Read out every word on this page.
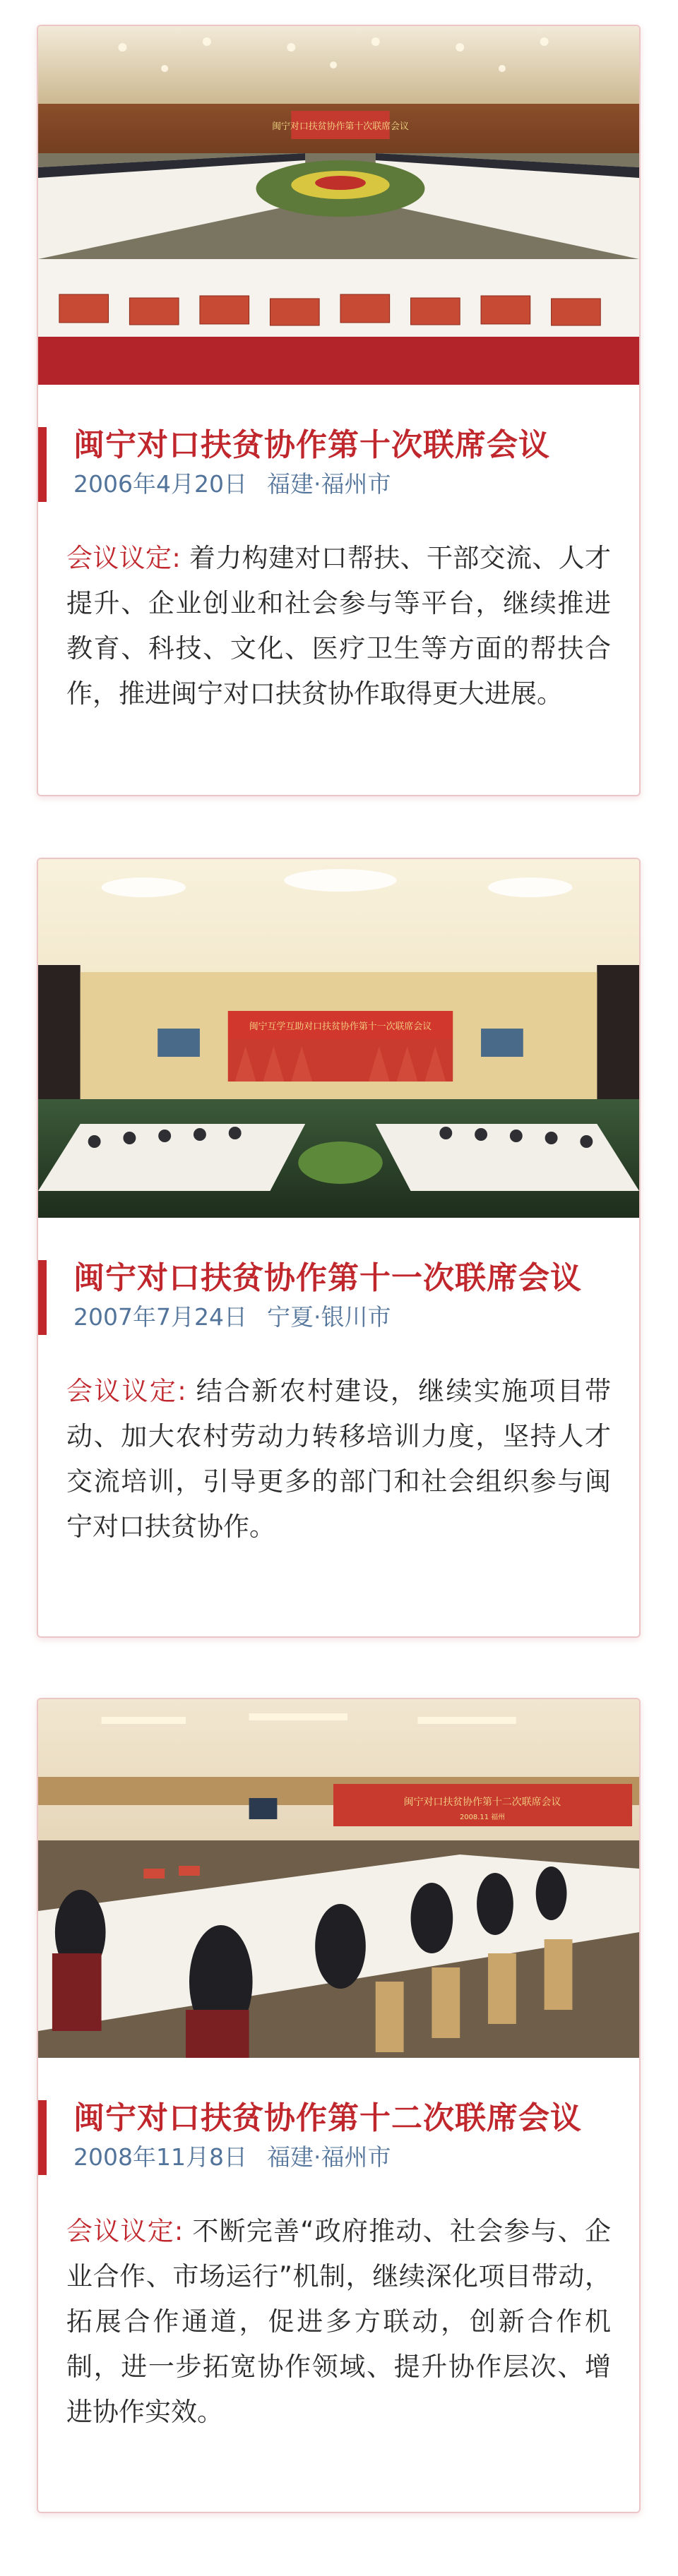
闽宁对口扶贫协作第十次联席会议
闽宁对口扶贫协作第十次联席会议
2006年4月20日 福建·福州市
会议议定: 着力构建对口帮扶、干部交流、人才提升、企业创业和社会参与等平台，继续推进教育、科技、文化、医疗卫生等方面的帮扶合作，推进闽宁对口扶贫协作取得更大进展。
闽宁互学互助对口扶贫协作第十一次联席会议
闽宁对口扶贫协作第十一次联席会议
2007年7月24日 宁夏·银川市
会议议定: 结合新农村建设，继续实施项目带动、加大农村劳动力转移培训力度，坚持人才交流培训，引导更多的部门和社会组织参与闽宁对口扶贫协作。
闽宁对口扶贫协作第十二次联席会议
2008.11 福州
闽宁对口扶贫协作第十二次联席会议
2008年11月8日 福建·福州市
会议议定: 不断完善“政府推动、社会参与、企业合作、市场运行”机制，继续深化项目带动，拓展合作通道，促进多方联动，创新合作机制，进一步拓宽协作领域、提升协作层次、增进协作实效。
